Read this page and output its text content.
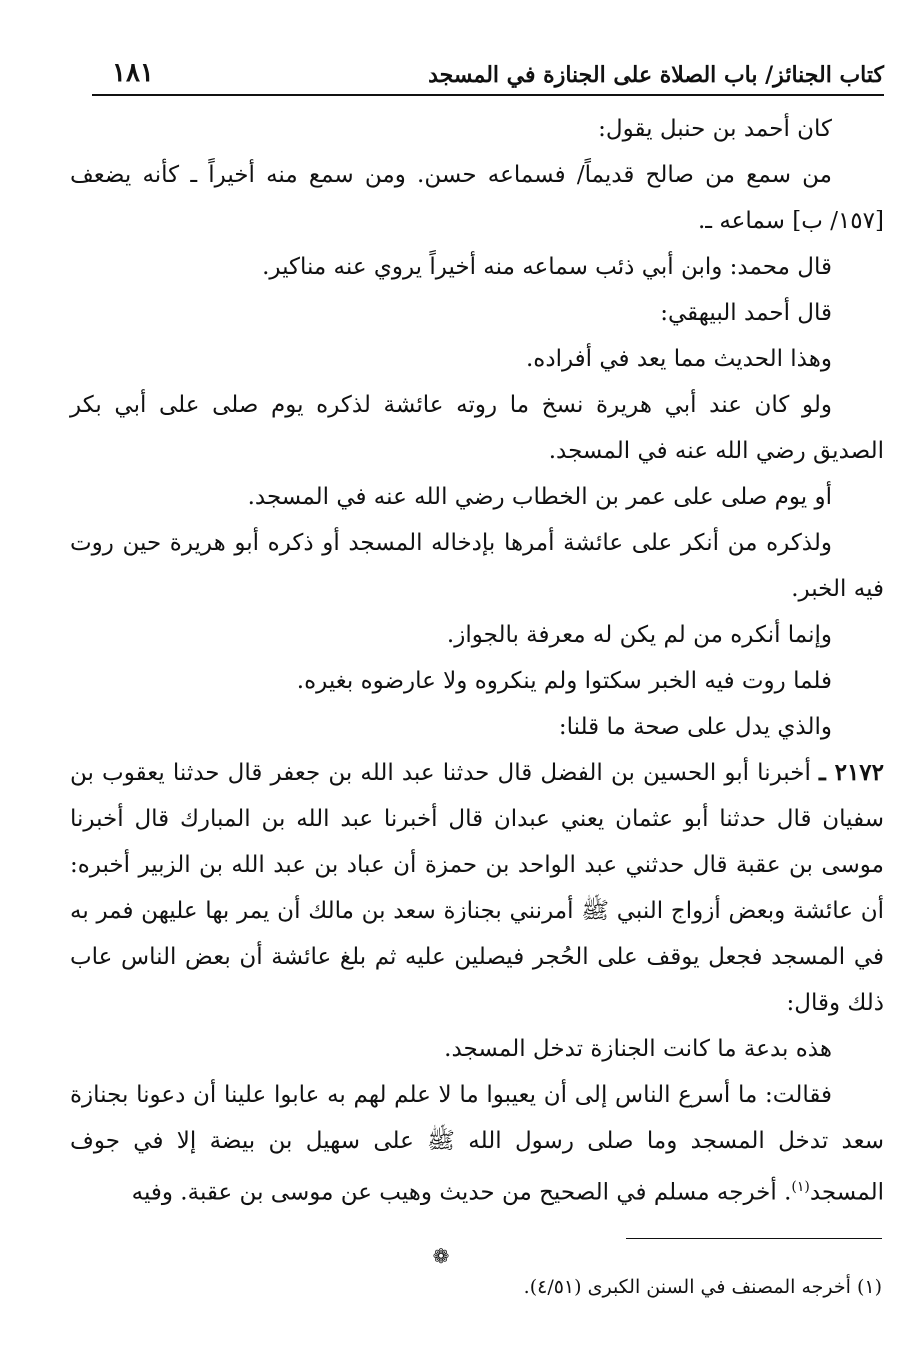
كتاب الجنائز/ باب الصلاة على الجنازة في المسجد
١٨١

كان أحمد بن حنبل يقول:

من سمع من صالح قديماً/ فسماعه حسن. ومن سمع منه أخيراً ـ كأنه يضعف [١٥٧/ ب] سماعه ـ.

قال محمد: وابن أبي ذئب سماعه منه أخيراً يروي عنه مناكير.

قال أحمد البيهقي:

وهذا الحديث مما يعد في أفراده.

ولو كان عند أبي هريرة نسخ ما روته عائشة لذكره يوم صلى على أبي بكر الصديق رضي الله عنه في المسجد.

أو يوم صلى على عمر بن الخطاب رضي الله عنه في المسجد.

ولذكره من أنكر على عائشة أمرها بإدخاله المسجد أو ذكره أبو هريرة حين روت فيه الخبر.

وإنما أنكره من لم يكن له معرفة بالجواز.

فلما روت فيه الخبر سكتوا ولم ينكروه ولا عارضوه بغيره.

والذي يدل على صحة ما قلنا:

٢١٧٢ ـ أخبرنا أبو الحسين بن الفضل قال حدثنا عبد الله بن جعفر قال حدثنا يعقوب بن سفيان قال حدثنا أبو عثمان يعني عبدان قال أخبرنا عبد الله بن المبارك قال أخبرنا موسى بن عقبة قال حدثني عبد الواحد بن حمزة أن عباد بن عبد الله بن الزبير أخبره: أن عائشة وبعض أزواج النبي ﷺ أمرنني بجنازة سعد بن مالك أن يمر بها عليهن فمر به في المسجد فجعل يوقف على الحُجر فيصلين عليه ثم بلغ عائشة أن بعض الناس عاب ذلك وقال:

هذه بدعة ما كانت الجنازة تدخل المسجد.

فقالت: ما أسرع الناس إلى أن يعيبوا ما لا علم لهم به عابوا علينا أن دعونا بجنازة سعد تدخل المسجد وما صلى رسول الله ﷺ على سهيل بن بيضة إلا في جوف المسجد$^{(١)}$. أخرجه مسلم في الصحيح من حديث وهيب عن موسى بن عقبة. وفيه

❁
(١) أخرجه المصنف في السنن الكبرى (٤/٥١).
